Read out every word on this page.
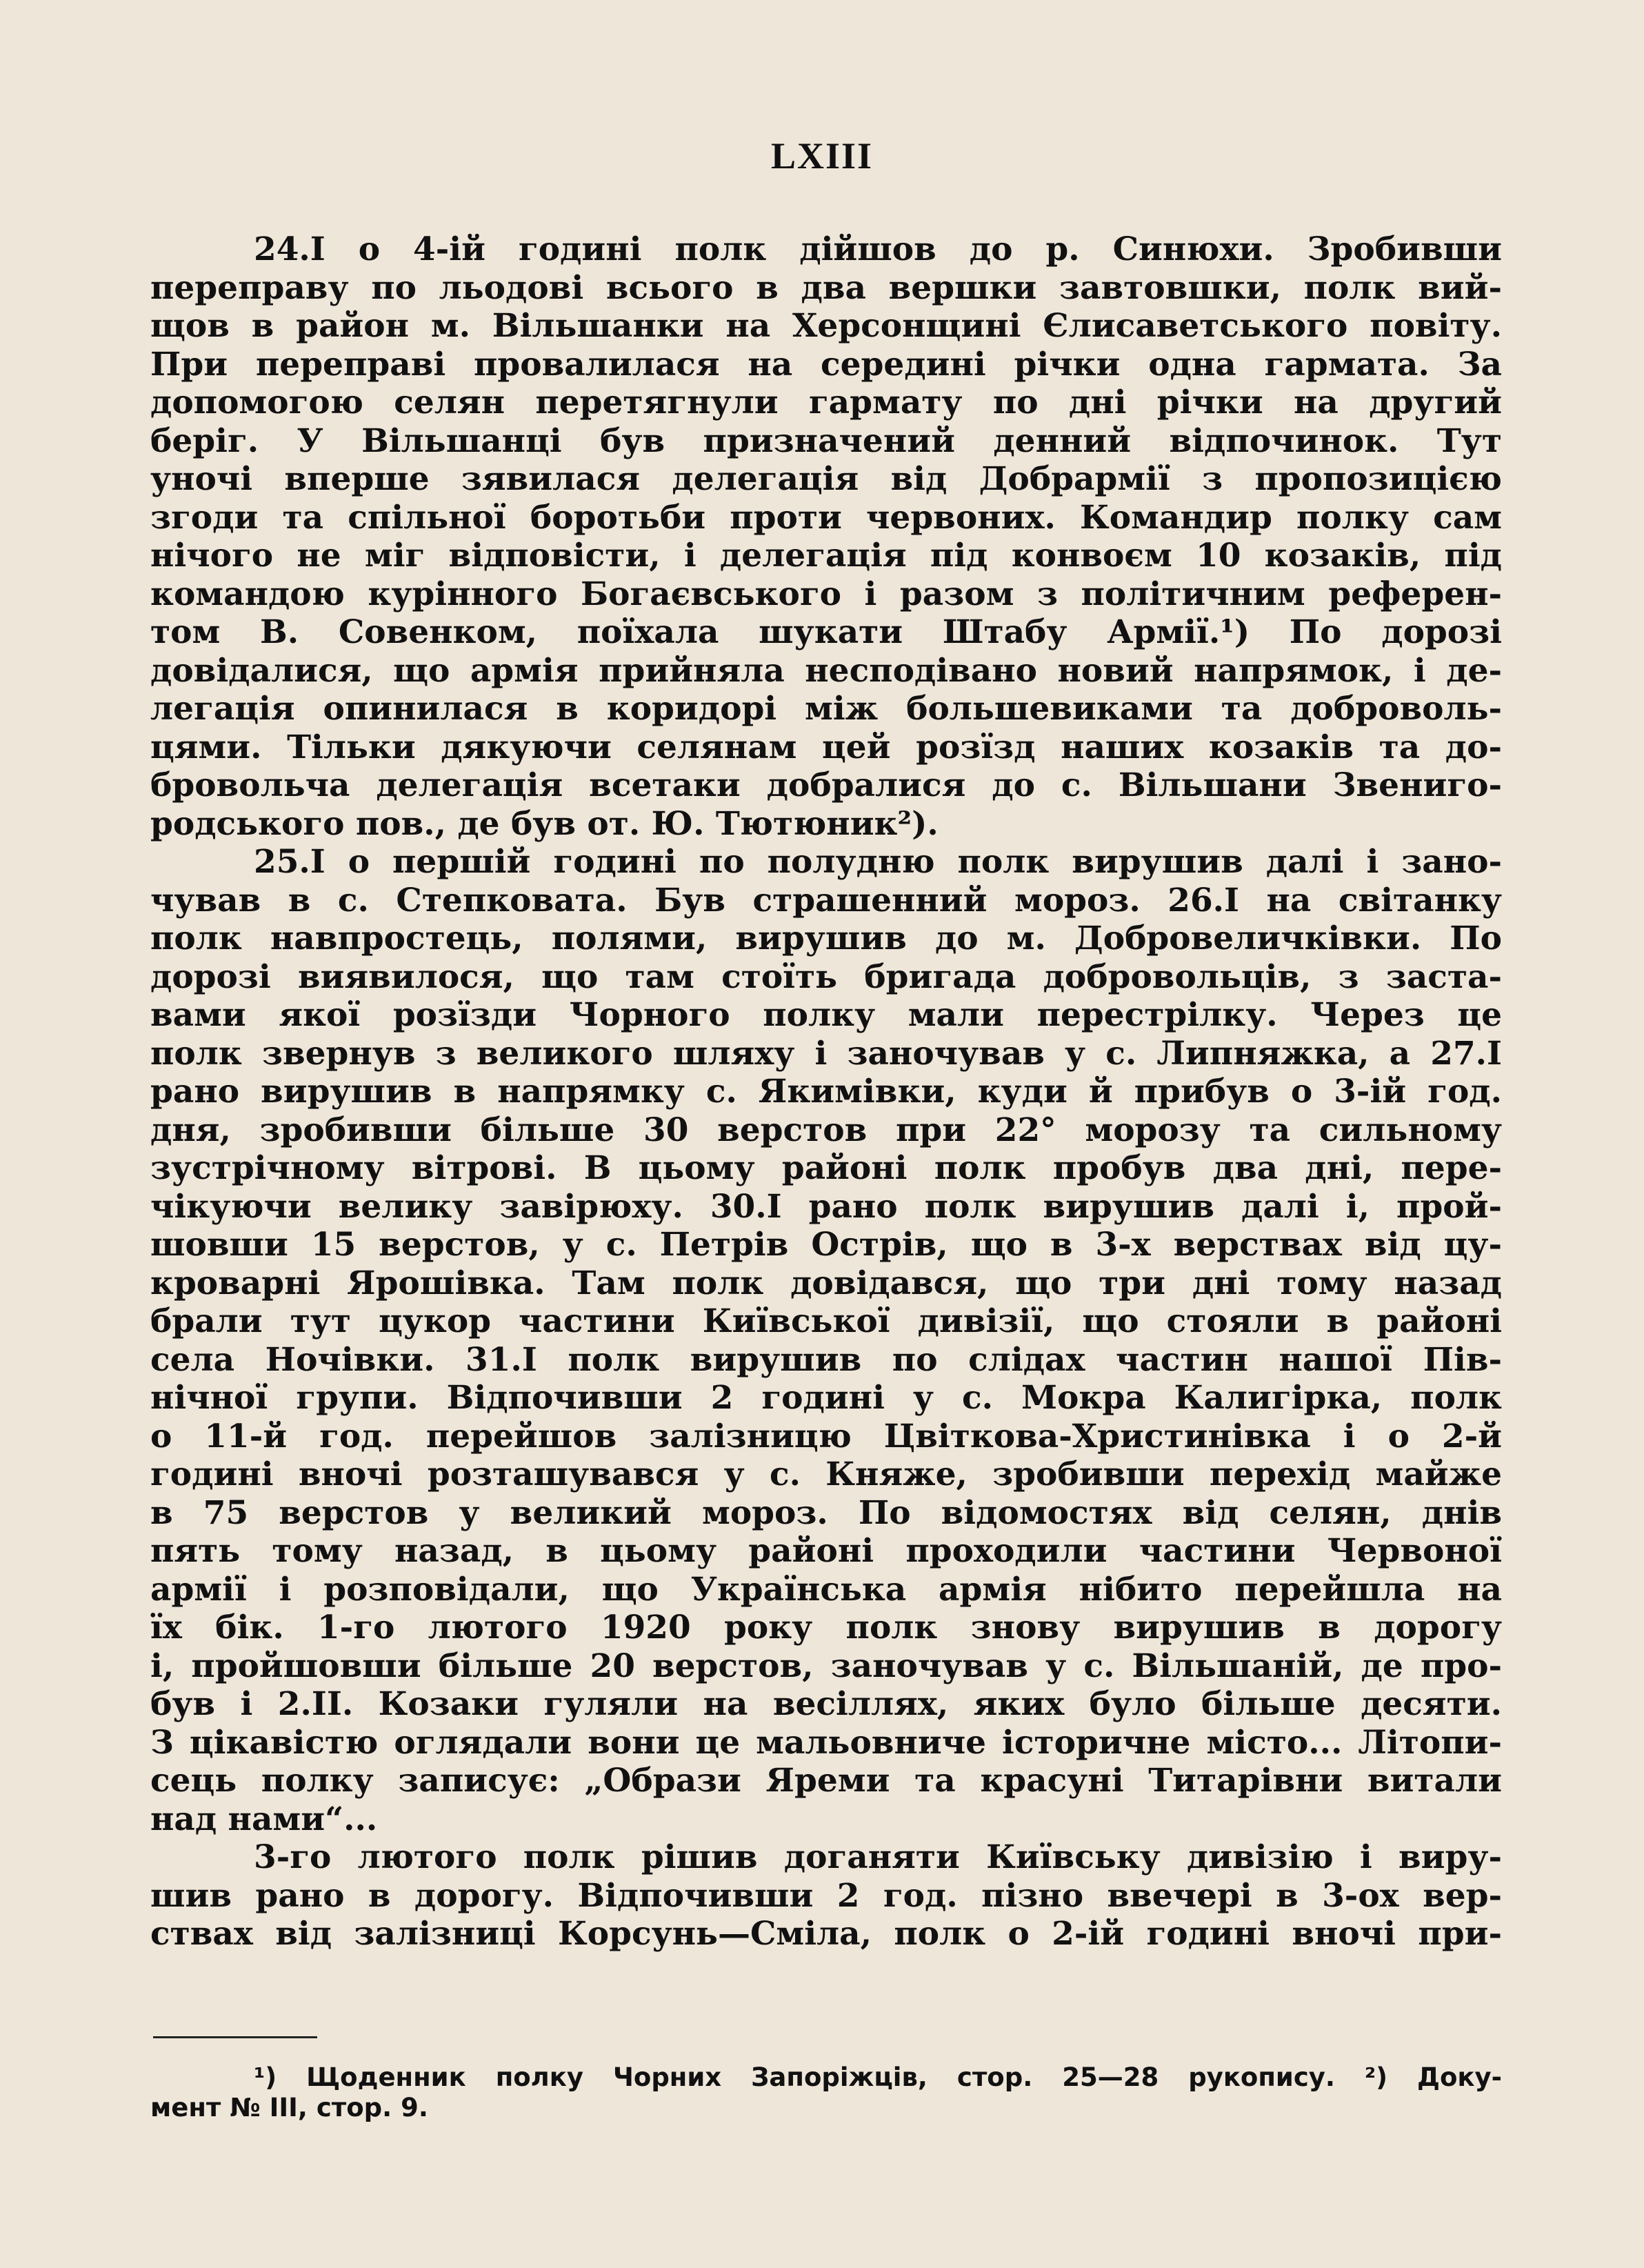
LXIII
24.I о 4-ій годині полк дійшов до р. Синюхи. Зробивши
переправу по льодові всього в два вершки завтовшки, полк вий-
щов в район м. Вільшанки на Херсонщині Єлисаветського повіту.
При переправі провалилася на середині річки одна гармата. За
допомогою селян перетягнули гармату по дні річки на другий
беріг. У Вільшанці був призначений денний відпочинок. Тут
уночі вперше зявилася делегація від Добрармії з пропозицією
згоди та спільної боротьби проти червоних. Командир полку сам
нічого не міг відповісти, і делегація під конвоєм 10 козаків, під
командою курінного Богаєвського і разом з політичним референ-
том В. Совенком, поїхала шукати Штабу Армії.¹) По дорозі
довідалися, що армія прийняла несподівано новий напрямок, і де-
легація опинилася в коридорі між большевиками та доброволь-
цями. Тільки дякуючи селянам цей розїзд наших козаків та до-
бровольча делегація всетаки добралися до с. Вільшани Звениго-
родського пов., де був от. Ю. Тютюник²).
25.I о першій годині по полудню полк вирушив далі і зано-
чував в с. Степковата. Був страшенний мороз. 26.I на світанку
полк навпростець, полями, вирушив до м. Добровеличківки. По
дорозі виявилося, що там стоїть бригада добровольців, з заста-
вами якої розїзди Чорного полку мали перестрілку. Через це
полк звернув з великого шляху і заночував у с. Липняжка, а 27.I
рано вирушив в напрямку с. Якимівки, куди й прибув о 3-ій год.
дня, зробивши більше 30 верстов при 22° морозу та сильному
зустрічному вітрові. В цьому районі полк пробув два дні, пере-
чікуючи велику завірюху. 30.I рано полк вирушив далі і, прой-
шовши 15 верстов, у с. Петрів Острів, що в 3-х верствах від цу-
кроварні Ярошівка. Там полк довідався, що три дні тому назад
брали тут цукор частини Київської дивізії, що стояли в районі
села Ночівки. 31.I полк вирушив по слідах частин нашої Пів-
нічної групи. Відпочивши 2 годині у с. Мокра Калигірка, полк
о 11-й год. перейшов залізницю Цвіткова-Христинівка і о 2-й
годині вночі розташувався у с. Княже, зробивши перехід майже
в 75 верстов у великий мороз. По відомостях від селян, днів
пять тому назад, в цьому районі проходили частини Червоної
армії і розповідали, що Українська армія нібито перейшла на
їх бік. 1-го лютого 1920 року полк знову вирушив в дорогу
і, пройшовши більше 20 верстов, заночував у с. Вільшаній, де про-
був і 2.II. Козаки гуляли на весіллях, яких було більше десяти.
З цікавістю оглядали вони це мальовниче історичне місто... Літопи-
сець полку записує: „Образи Яреми та красуні Титарівни витали
над нами“...
3-го лютого полк рішив доганяти Київську дивізію і виру-
шив рано в дорогу. Відпочивши 2 год. пізно ввечері в 3-ох вер-
ствах від залізниці Корсунь—Сміла, полк о 2-ій годині вночі при-
¹) Щоденник полку Чорних Запоріжців, стор. 25—28 рукопису. ²) Доку-
мент № III, стор. 9.
